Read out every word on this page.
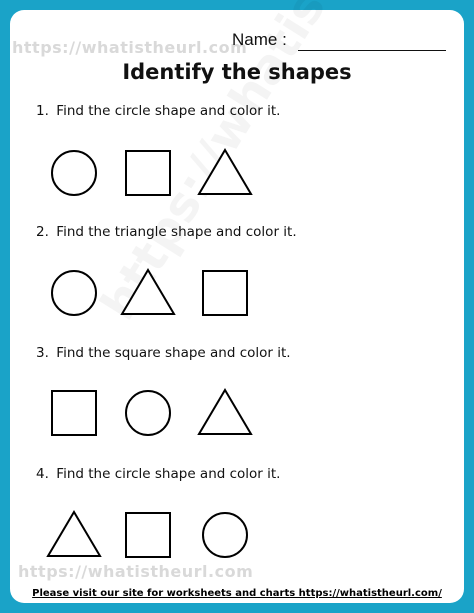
https://whatistheurl.com
Name :
Identify the shapes
1. Find the circle shape and color it.
2. Find the triangle shape and color it.
3. Find the square shape and color it.
4. Find the circle shape and color it.
https://whatistheurl.com
Please visit our site for worksheets and charts https://whatistheurl.com/
